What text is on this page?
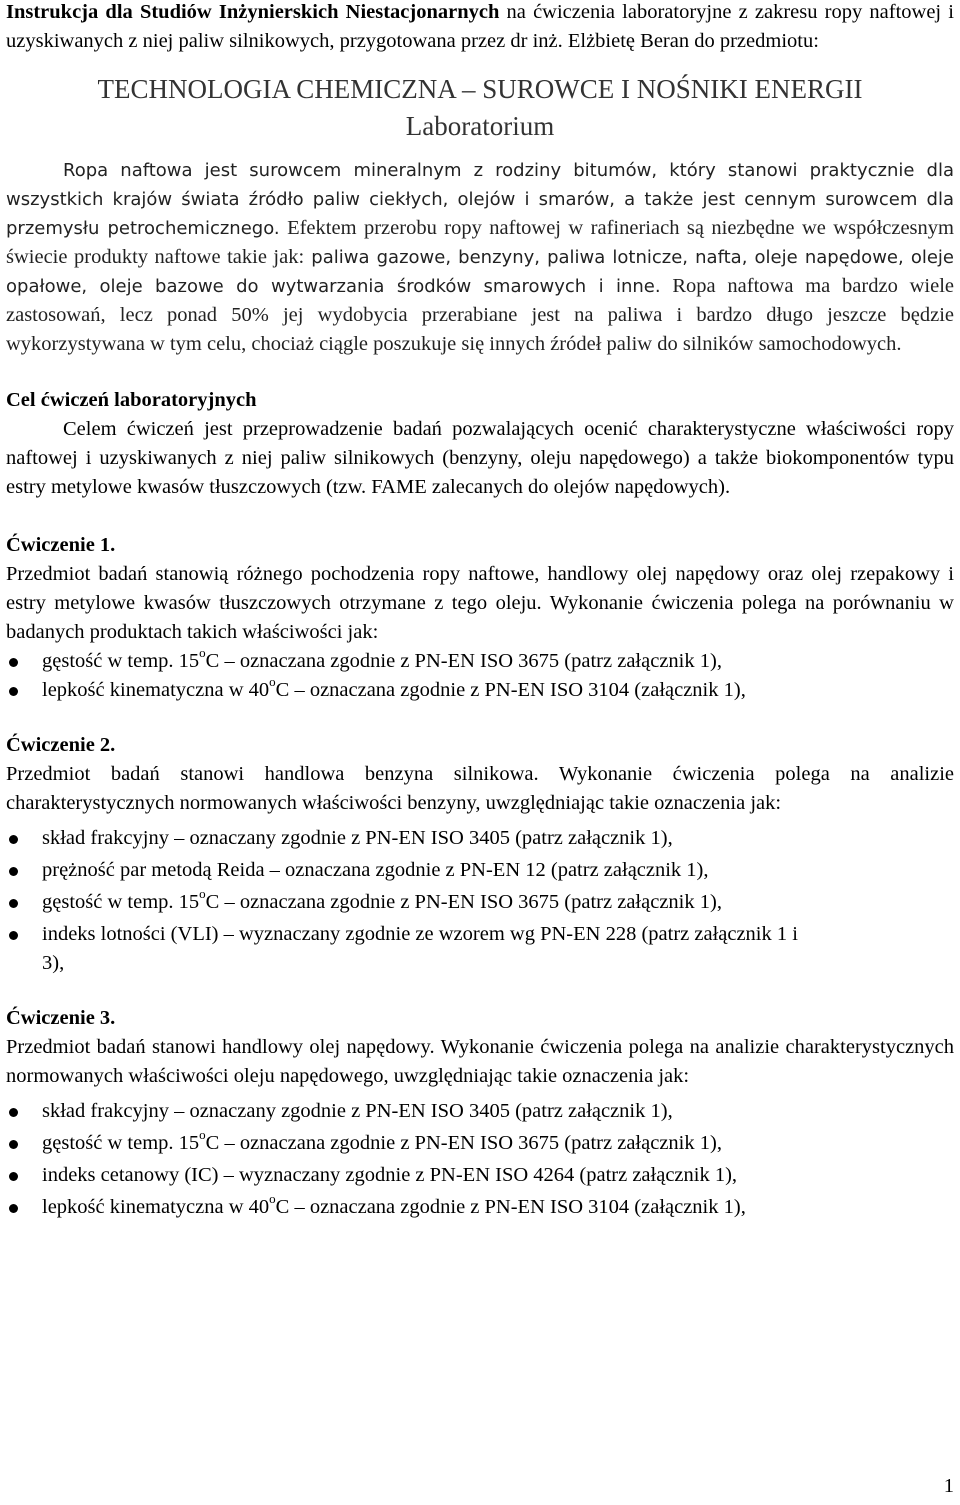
Instrukcja dla Studiów Inżynierskich Niestacjonarnych na ćwiczenia laboratoryjne z zakresu ropy naftowej i uzyskiwanych z niej paliw silnikowych, przygotowana przez dr inż. Elżbietę Beran do przedmiotu:

TECHNOLOGIA CHEMICZNA – SUROWCE I NOŚNIKI ENERGII
Laboratorium

Ropa naftowa jest surowcem mineralnym z rodziny bitumów, który stanowi praktycznie dla wszystkich krajów świata źródło paliw ciekłych, olejów i smarów, a także jest cennym surowcem dla przemysłu petrochemicznego. Efektem przerobu ropy naftowej w rafineriach są niezbędne we współczesnym świecie produkty naftowe takie jak: paliwa gazowe, benzyny, paliwa lotnicze, nafta, oleje napędowe, oleje opałowe, oleje bazowe do wytwarzania środków smarowych i inne. Ropa naftowa ma bardzo wiele zastosowań, lecz ponad 50% jej wydobycia przerabiane jest na paliwa i bardzo długo jeszcze będzie wykorzystywana w tym celu, chociaż ciągle poszukuje się innych źródeł paliw do silników samochodowych.

Cel ćwiczeń laboratoryjnych

Celem ćwiczeń jest przeprowadzenie badań pozwalających ocenić charakterystyczne właściwości ropy naftowej i uzyskiwanych z niej paliw silnikowych (benzyny, oleju napędowego) a także biokomponentów typu estry metylowe kwasów tłuszczowych (tzw. FAME zalecanych do olejów napędowych).

Ćwiczenie 1.

Przedmiot badań stanowią różnego pochodzenia ropy naftowe, handlowy olej napędowy oraz olej rzepakowy i estry metylowe kwasów tłuszczowych otrzymane z tego oleju. Wykonanie ćwiczenia polega na porównaniu w badanych produktach takich właściwości jak:

gęstość w temp. 15$^o$C – oznaczana zgodnie z PN-EN ISO 3675 (patrz załącznik 1),
lepkość kinematyczna w 40$^o$C – oznaczana zgodnie z PN-EN ISO 3104 (załącznik 1),
Ćwiczenie 2.

Przedmiot badań stanowi handlowa benzyna silnikowa. Wykonanie ćwiczenia polega na analizie charakterystycznych normowanych właściwości benzyny, uwzględniając takie oznaczenia jak:

skład frakcyjny – oznaczany zgodnie z PN-EN ISO 3405 (patrz załącznik 1),
prężność par metodą Reida – oznaczana zgodnie z PN-EN 12 (patrz załącznik 1),
gęstość w temp. 15$^o$C – oznaczana zgodnie z PN-EN ISO 3675 (patrz załącznik 1),
indeks lotności (VLI) – wyznaczany zgodnie ze wzorem wg PN-EN 228 (patrz załącznik 1 i 3),
Ćwiczenie 3.

Przedmiot badań stanowi handlowy olej napędowy. Wykonanie ćwiczenia polega na analizie charakterystycznych normowanych właściwości oleju napędowego, uwzględniając takie oznaczenia jak:

skład frakcyjny – oznaczany zgodnie z PN-EN ISO 3405 (patrz załącznik 1),
gęstość w temp. 15$^o$C – oznaczana zgodnie z PN-EN ISO 3675 (patrz załącznik 1),
indeks cetanowy (IC) – wyznaczany zgodnie z PN-EN ISO 4264 (patrz załącznik 1),
lepkość kinematyczna w 40$^o$C – oznaczana zgodnie z PN-EN ISO 3104 (załącznik 1),
1
